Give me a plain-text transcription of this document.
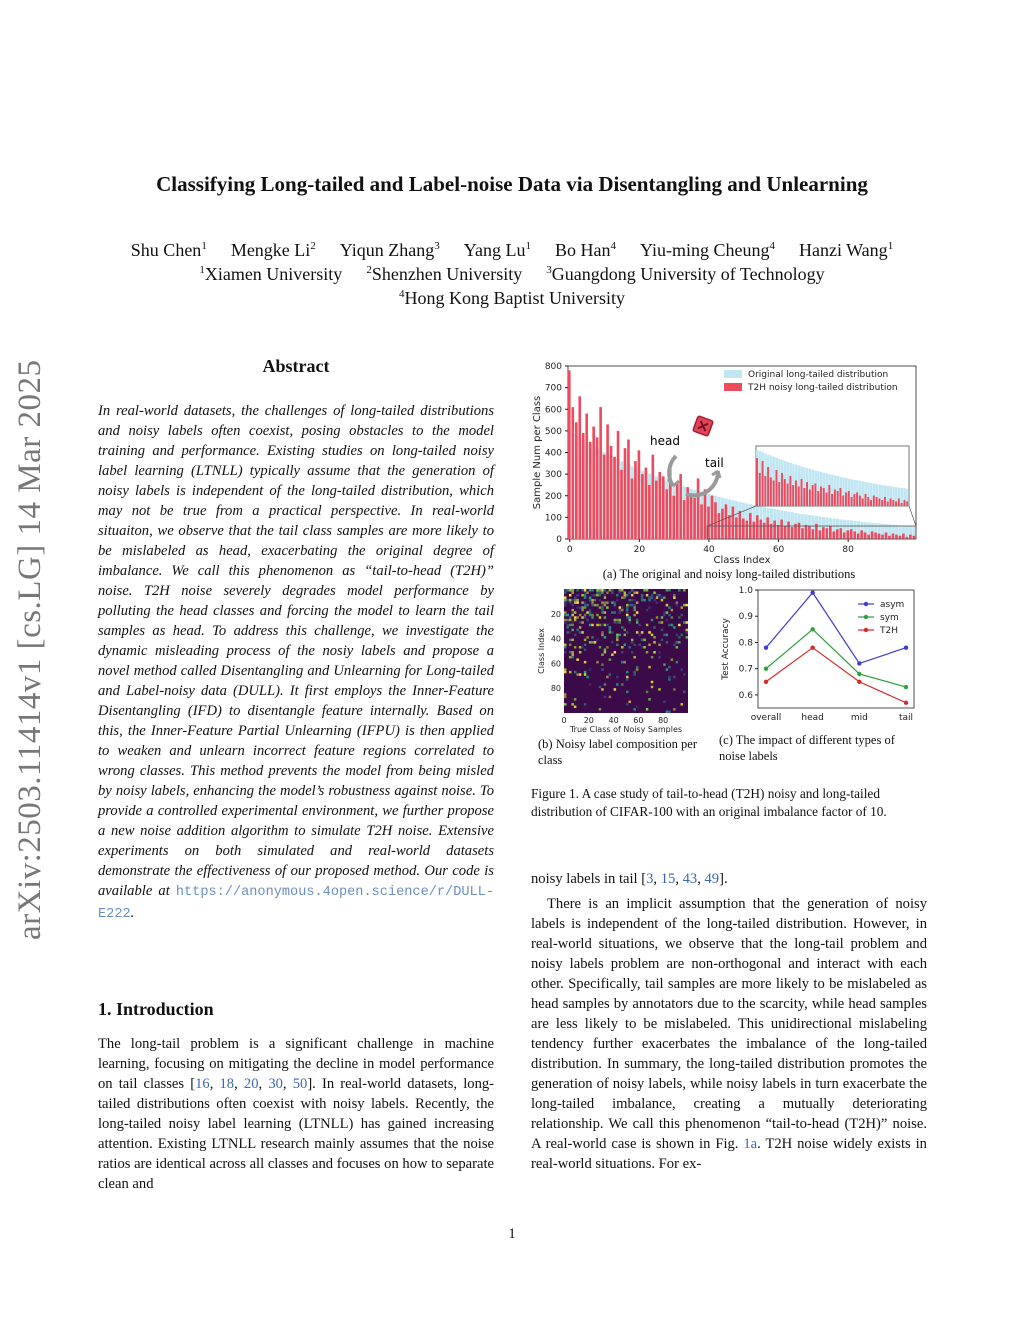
Classifying Long-tailed and Label-noise Data via Disentangling and Unlearning
Shu Chen$^1$ Mengke Li$^2$ Yiqun Zhang$^3$ Yang Lu$^1$ Bo Han$^4$ Yiu-ming Cheung$^4$ Hanzi Wang$^1$
$^1$Xiamen University $^2$Shenzhen University $^3$Guangdong University of Technology
$^4$Hong Kong Baptist University
arXiv:2503.11414v1 [cs.LG] 14 Mar 2025	Abstract
In real-world datasets, the challenges of long-tailed distributions and noisy labels often coexist, posing obstacles to the model training and performance. Existing studies on long-tailed noisy label learning (LTNLL) typically assume that the generation of noisy labels is independent of the long-tailed distribution, which may not be true from a practical perspective. In real-world situaiton, we observe that the tail class samples are more likely to be mislabeled as head, exacerbating the original degree of imbalance. We call this phenomenon as “tail-to-head (T2H)” noise. T2H noise severely degrades model performance by polluting the head classes and forcing the model to learn the tail samples as head. To address this challenge, we investigate the dynamic misleading process of the nosiy labels and propose a novel method called Disentangling and Unlearning for Long-tailed and Label-noisy data (DULL). It first employs the Inner-Feature Disentangling (IFD) to disentangle feature internally. Based on this, the Inner-Feature Partial Unlearning (IFPU) is then applied to weaken and unlearn incorrect feature regions correlated to wrong classes. This method prevents the model from being misled by noisy labels, enhancing the model’s robustness against noise. To provide a controlled experimental environment, we further propose a new noise addition algorithm to simulate T2H noise. Extensive experiments on both simulated and real-world datasets demonstrate the effectiveness of our proposed method. Our code is available at https://anonymous.4open.science/r/DULL-E222.
1. Introduction
The long-tail problem is a significant challenge in machine learning, focusing on mitigating the decline in model performance on tail classes [16, 18, 20, 30, 50]. In real-world datasets, long-tailed distributions often coexist with noisy labels. Recently, the long-tailed noisy label learning (LTNLL) has gained increasing attention. Existing LTNLL research mainly assumes that the noise ratios are identical across all classes and focuses on how to separate clean and
noisy labels in tail [3, 15, 43, 49].
There is an implicit assumption that the generation of noisy labels is independent of the long-tailed distribution. However, in real-world situations, we observe that the long-tail problem and noisy labels problem are non-orthogonal and interact with each other. Specifically, tail samples are more likely to be mislabeled as head samples by annotators due to the scarcity, while head samples are less likely to be mislabeled. This unidirectional mislabeling tendency further exacerbates the imbalance of the long-tailed distribution. In summary, the long-tailed distribution promotes the generation of noisy labels, while noisy labels in turn exacerbate the long-tailed imbalance, creating a mutually deteriorating relationship. We call this phenomenon “tail-to-head (T2H)” noise. A real-world case is shown in Fig. 1a. T2H noise widely exists in real-world situations. For ex-
0
100
200
300
400
500
600
700
800
0	20	40	60	80
Class Index
Sample Num per Class
Original long-tailed distribution
T2H noisy long-tailed distribution
head
tail
(a) The original and noisy long-tailed distributions
20
40
60
80
0 20 40 60 80
True Class of Noisy Samples
Class Index
(b) Noisy label composition per class
0.6
0.7
0.8
0.9
1.0
overall head	mid	tail
Test Accuracy
asym
sym
T2H
(c) The impact of different types of noise labels
Figure 1. A case study of tail-to-head (T2H) noisy and long-tailed distribution of CIFAR-100 with an original imbalance factor of 10.
1
